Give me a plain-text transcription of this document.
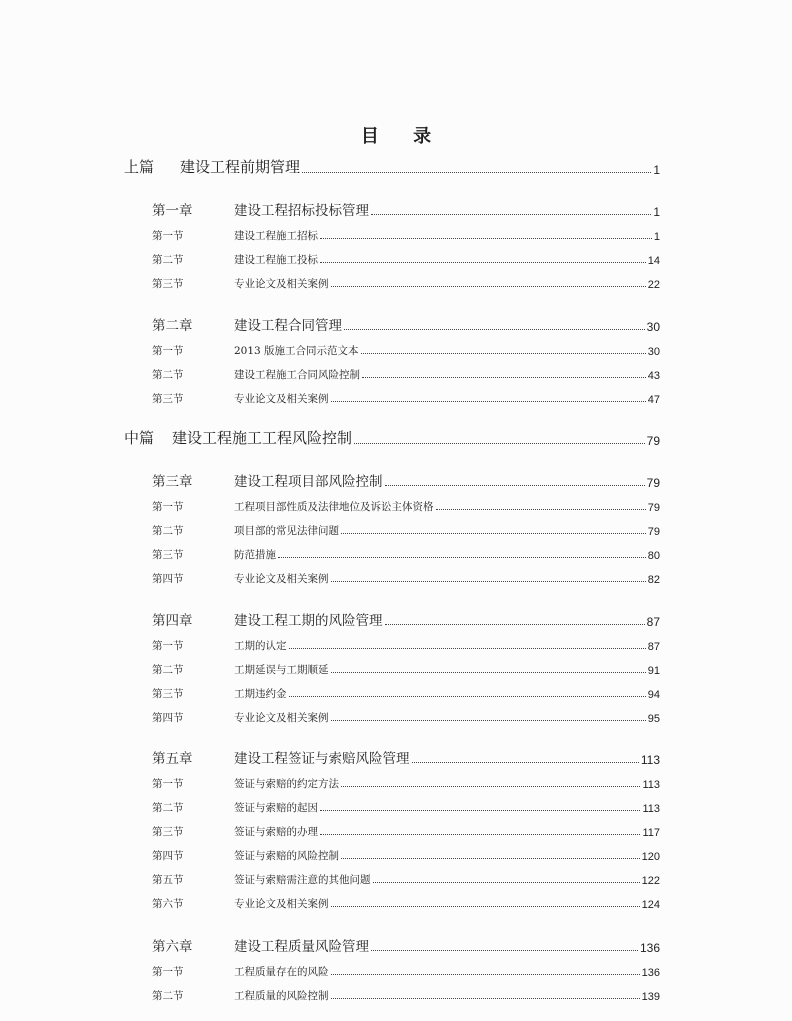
目 录
上篇 建设工程前期管理	1
第一章	建设工程招标投标管理	1
第一节	建设工程施工招标	1
第二节	建设工程施工投标	14
第三节	专业论文及相关案例	22
第二章	建设工程合同管理	30
第一节	2013 版施工合同示范文本	30
第二节	建设工程施工合同风险控制	43
第三节	专业论文及相关案例	47
中篇 建设工程施工工程风险控制	79
第三章	建设工程项目部风险控制	79
第一节	工程项目部性质及法律地位及诉讼主体资格	79
第二节	项目部的常见法律问题	79
第三节	防范措施	80
第四节	专业论文及相关案例	82
第四章	建设工程工期的风险管理	87
第一节	工期的认定	87
第二节	工期延误与工期顺延	91
第三节	工期违约金	94
第四节	专业论文及相关案例	95
第五章	建设工程签证与索赔风险管理	113
第一节	签证与索赔的约定方法	113
第二节	签证与索赔的起因	113
第三节	签证与索赔的办理	117
第四节	签证与索赔的风险控制	120
第五节	签证与索赔需注意的其他问题	122
第六节	专业论文及相关案例	124
第六章	建设工程质量风险管理	136
第一节	工程质量存在的风险	136
第二节	工程质量的风险控制	139
